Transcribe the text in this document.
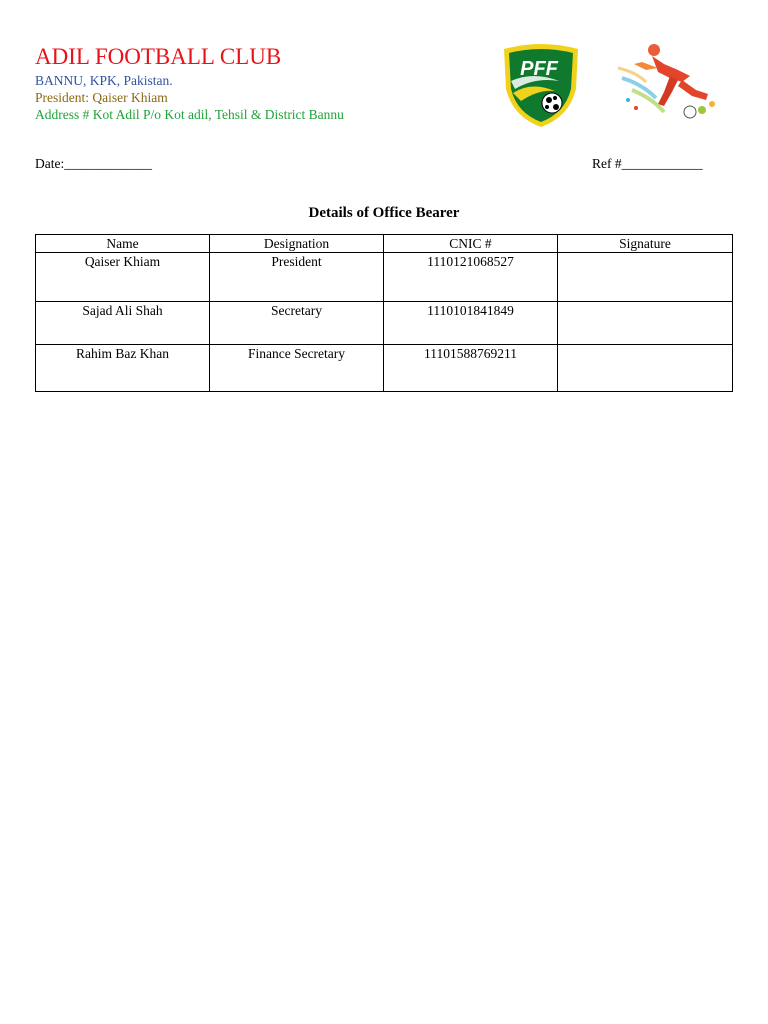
ADIL FOOTBALL CLUB
BANNU, KPK, Pakistan.
President: Qaiser Khiam
Address # Kot Adil P/o Kot adil, Tehsil & District Bannu
PFF
Date:_____________	Ref #____________
Details of Office Bearer
Name	Designation	CNIC #	Signature
Qaiser Khiam	President	1110121068527	
Sajad Ali Shah	Secretary	1110101841849	
Rahim Baz Khan	Finance Secretary	11101588769211	
